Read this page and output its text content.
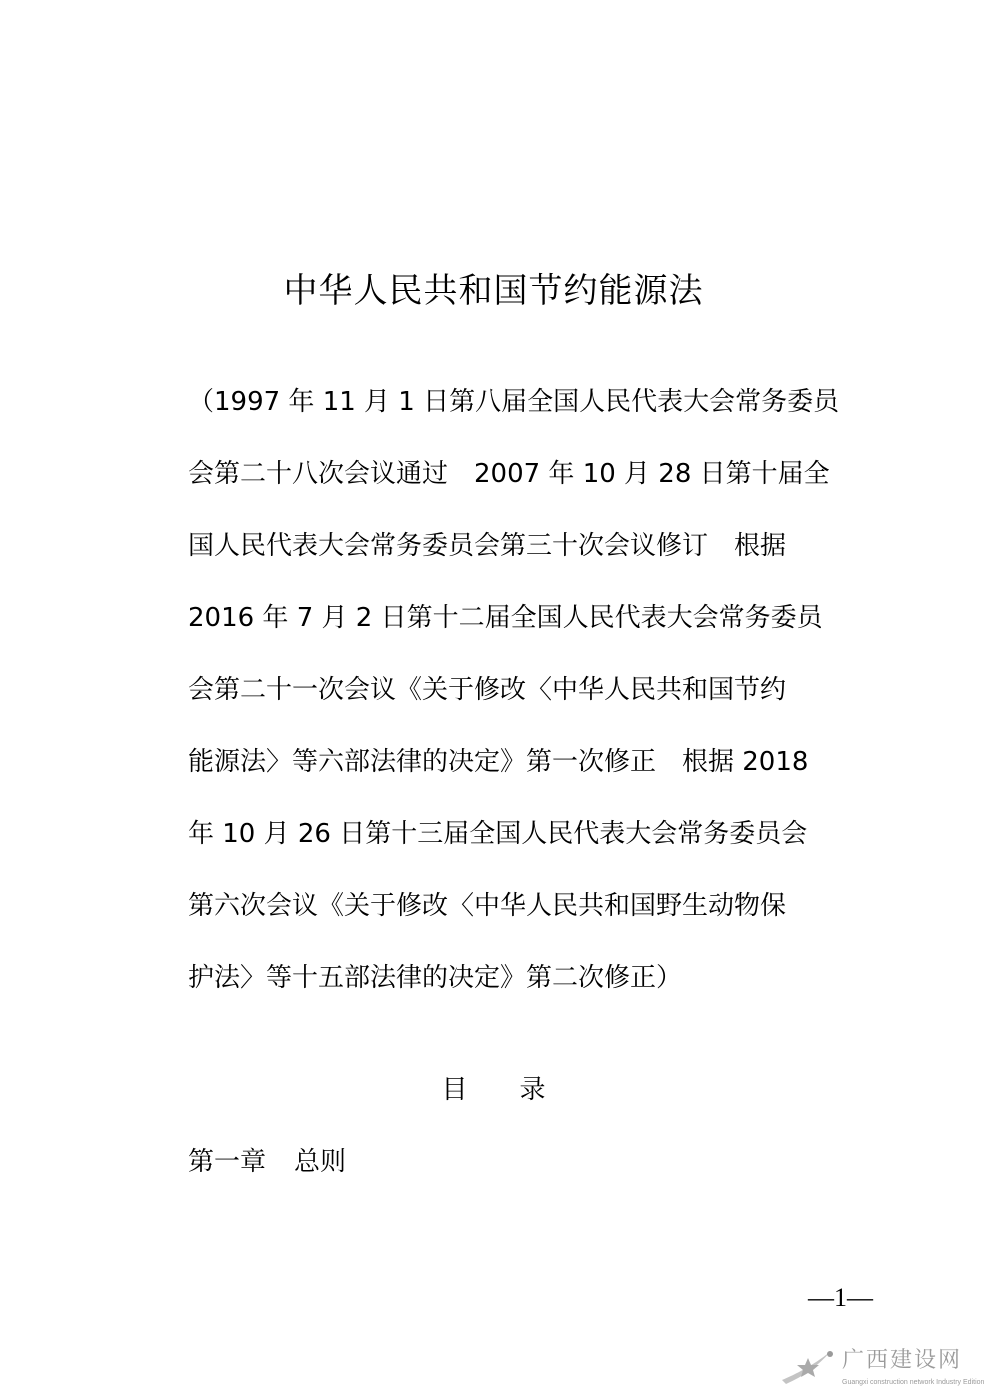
中华人民共和国节约能源法
（1997 年 11 月 1 日第八届全国人民代表大会常务委员
会第二十八次会议通过　2007 年 10 月 28 日第十届全
国人民代表大会常务委员会第三十次会议修订　根据
2016 年 7 月 2 日第十二届全国人民代表大会常务委员
会第二十一次会议《关于修改〈中华人民共和国节约
能源法〉等六部法律的决定》第一次修正　根据 2018
年 10 月 26 日第十三届全国人民代表大会常务委员会
第六次会议《关于修改〈中华人民共和国野生动物保
护法〉等十五部法律的决定》第二次修正）
目 录
第一章 总则
—1—
广西建设网
Guangxi construction network Industry Edition
